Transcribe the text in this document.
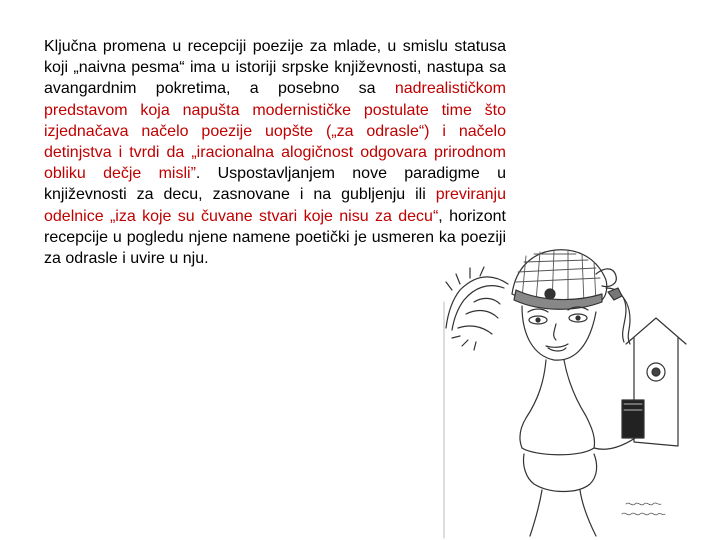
Ključna promena u recepciji poezije za mlade, u smislu statusa koji „naivna pesma“ ima u istoriji srpske književnosti, nastupa sa avangardnim pokretima, a posebno sa nadrealističkom predstavom koja napušta modernističke postulate time što izjednačava načelo poezije uopšte („za odrasle“) i načelo detinjstva i tvrdi da „iracionalna alogičnost odgovara prirodnom obliku dečje misli”. Uspostavljanjem nove paradigme u književnosti za decu, zasnovane i na gubljenju ili previranju odelnice „iza koje su čuvane stvari koje nisu za decu“, horizont recepcije u pogledu njene namene poetički je usmeren ka poeziji za odrasle i uvire u nju.
